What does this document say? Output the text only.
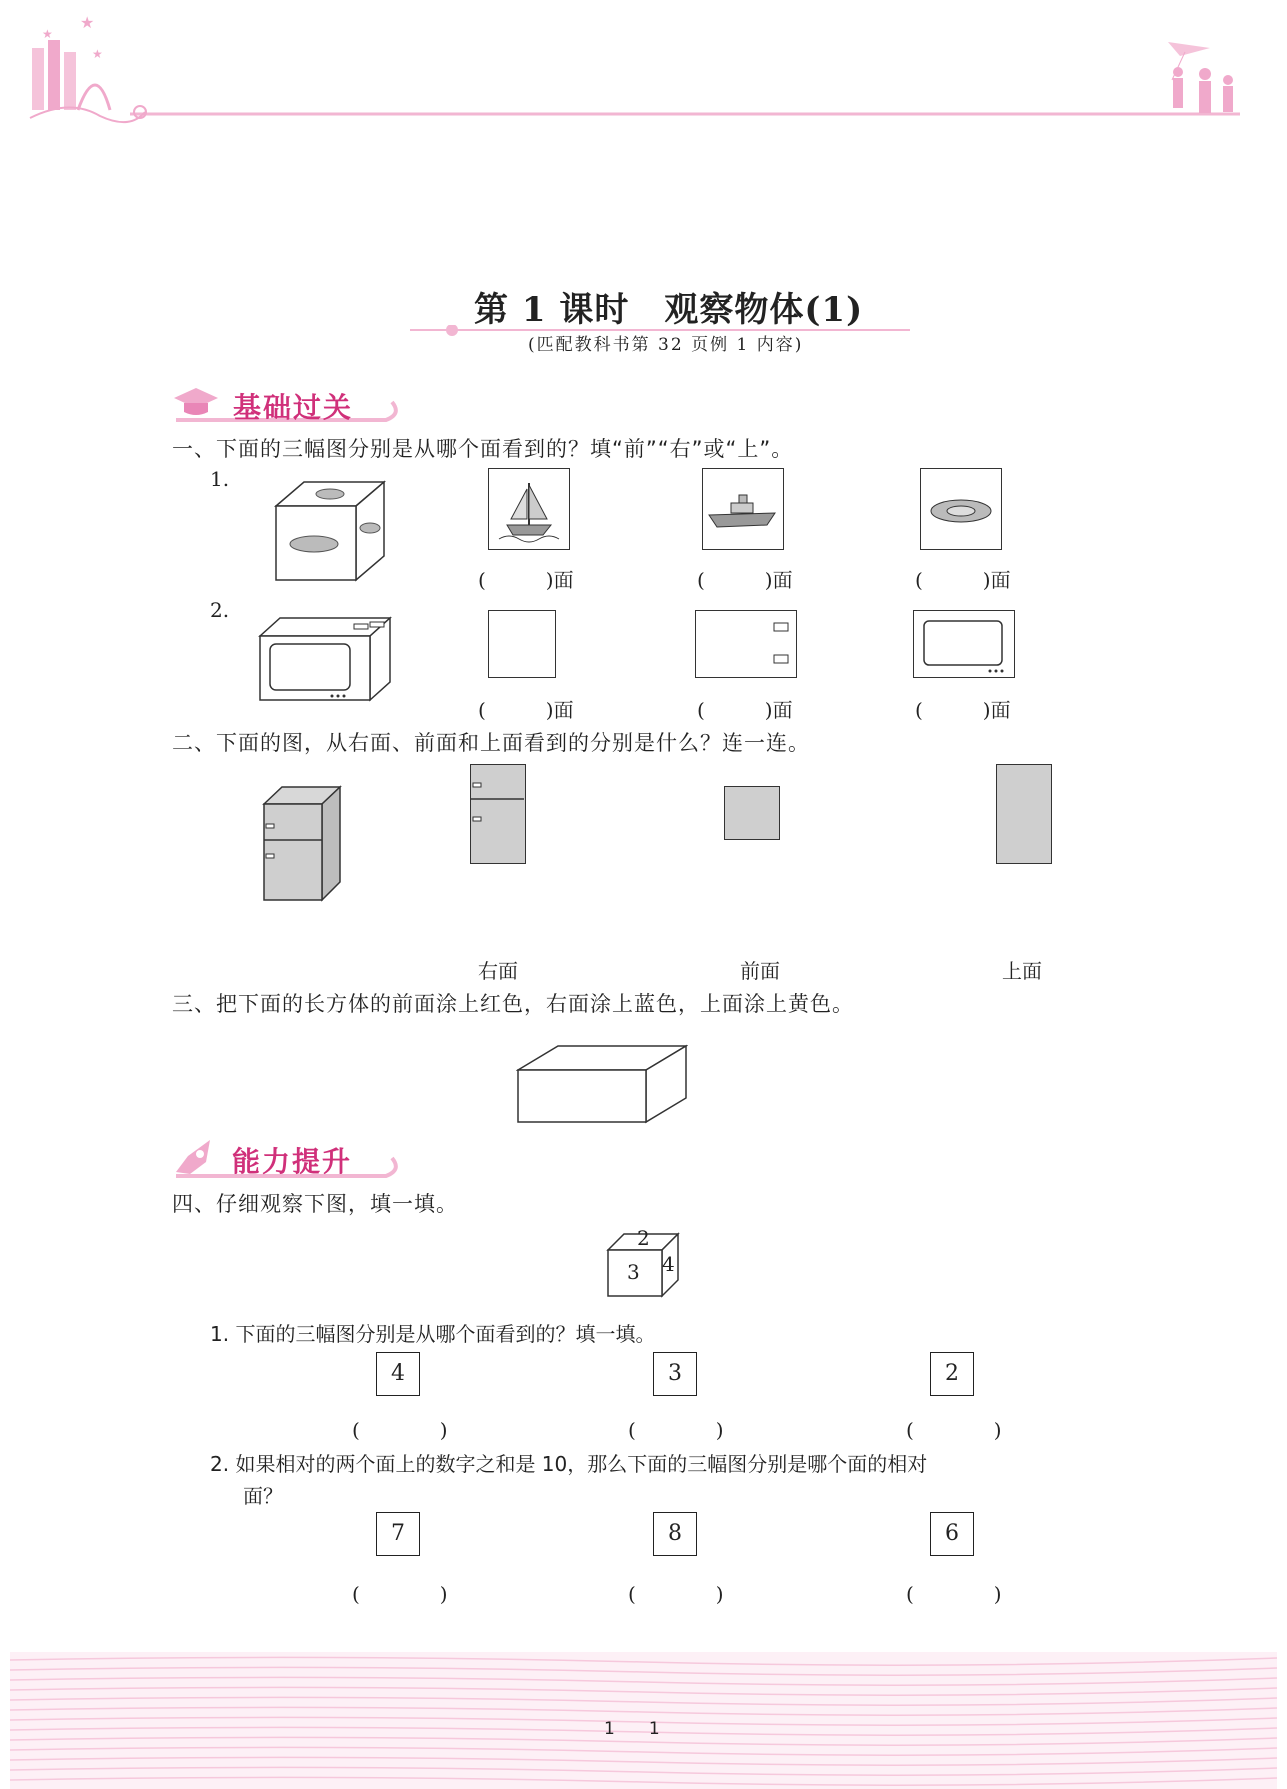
★
★
★
第 1 课时　观察物体(1)
(匹配教科书第 32 页例 1 内容)
基础过关
一、下面的三幅图分别是从哪个面看到的？填“前”“右”或“上”。
1.
(　　　)面	(　　　)面	(　　　)面
2.
(　　　)面	(　　　)面	(　　　)面
二、下面的图，从右面、前面和上面看到的分别是什么？连一连。
右面	前面	上面
三、把下面的长方体的前面涂上红色，右面涂上蓝色，上面涂上黄色。
能力提升
四、仔细观察下图，填一填。
2
3 4
1. 下面的三幅图分别是从哪个面看到的？填一填。
4	3	2
(　　　　)	(　　　　)	(　　　　)
2. 如果相对的两个面上的数字之和是 10，那么下面的三幅图分别是哪个面的相对
面？
7	8	6
(　　　　)	(　　　　)	(　　　　)
1　　1
